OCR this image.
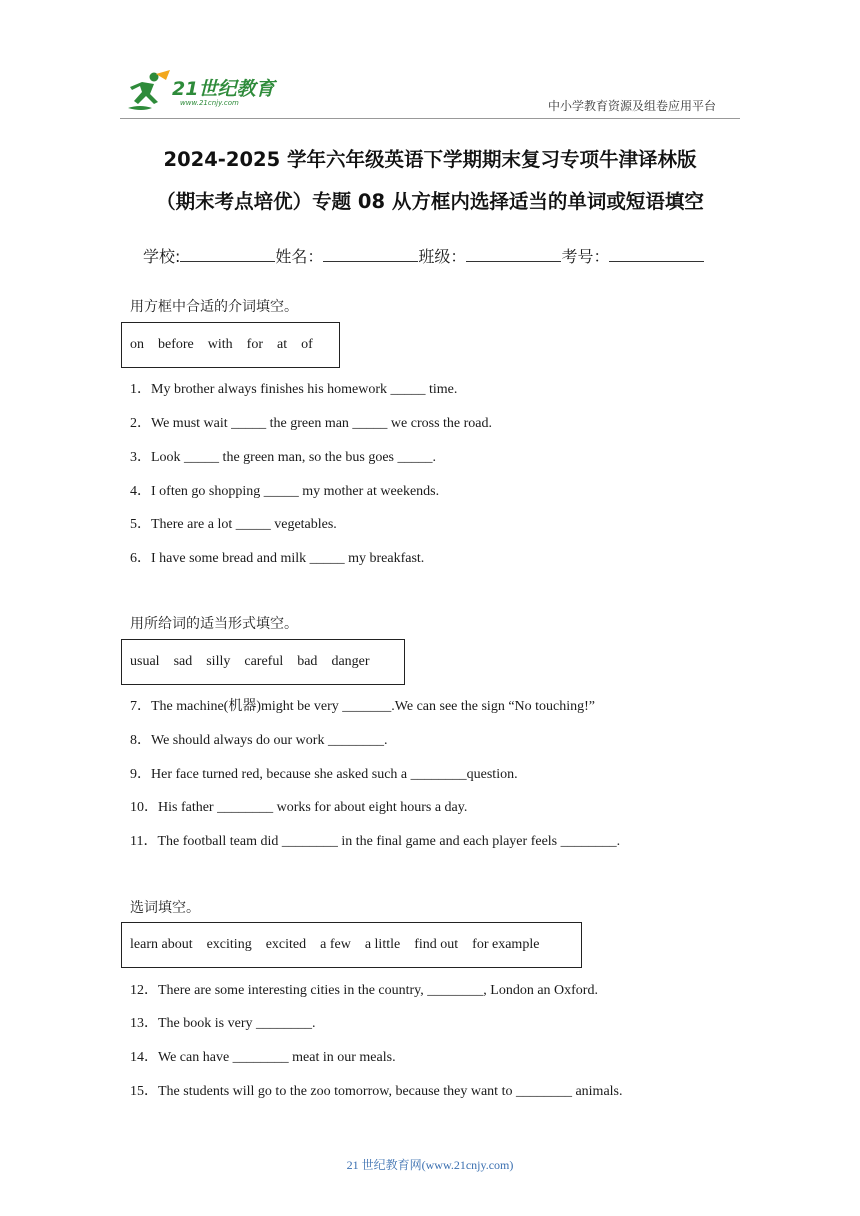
21世纪教育
www.21cnjy.com	中小学教育资源及组卷应用平台
2024-2025 学年六年级英语下学期期末复习专项牛津译林版
（期末考点培优）专题 08 从方框内选择适当的单词或短语填空
学校:	姓名：	班级：	考号：
用方框中合适的介词填空。
on before with for at of
1．My brother always finishes his homework _____ time.
2．We must wait _____ the green man _____ we cross the road.
3．Look _____ the green man, so the bus goes _____.
4．I often go shopping _____ my mother at weekends.
5．There are a lot _____ vegetables.
6．I have some bread and milk _____ my breakfast.
用所给词的适当形式填空。
usual sad silly careful bad danger
7．The machine(机器)might be very _______.We can see the sign “No touching!”
8．We should always do our work ________.
9．Her face turned red, because she asked such a ________question.
10．His father ________ works for about eight hours a day.
11．The football team did ________ in the final game and each player feels ________.
选词填空。
learn about exciting excited a few a little find out for example
12．There are some interesting cities in the country, ________, London an Oxford.
13．The book is very ________.
14．We can have ________ meat in our meals.
15．The students will go to the zoo tomorrow, because they want to ________ animals.
21 世纪教育网(www.21cnjy.com)
